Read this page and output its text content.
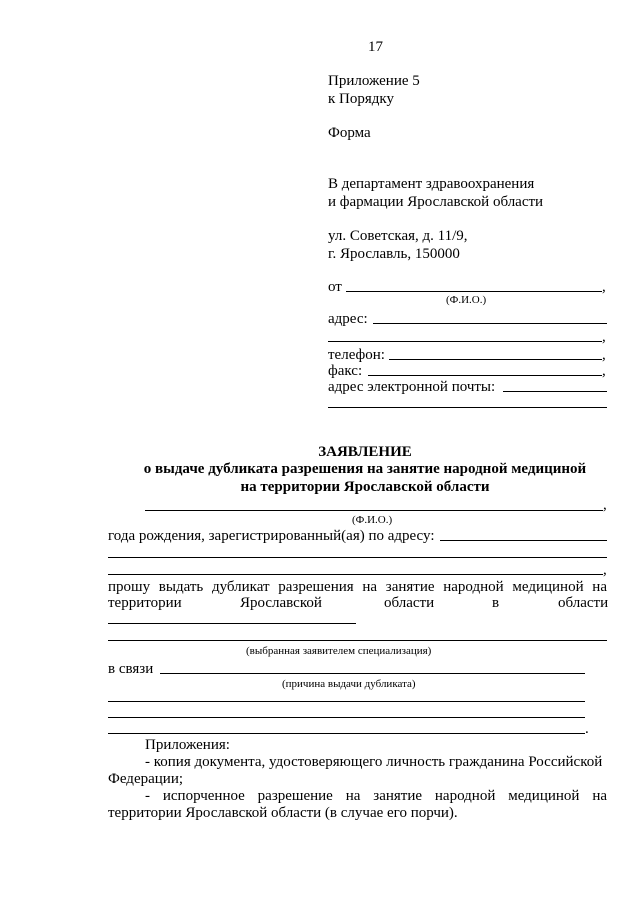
17
Приложение 5
к Порядку
Форма
В департамент здравоохранения
и фармации Ярославской области
ул. Советская, д. 11/9,
г. Ярославль, 150000
от	,
(Ф.И.О.)
адрес:
,
телефон:	,
факс:	,
адрес электронной почты:
ЗАЯВЛЕНИЕ
о выдаче дубликата разрешения на занятие народной медициной
на территории Ярославской области
,
(Ф.И.О.)
года рождения, зарегистрированный(ая) по адресу:
,
прошу выдать дубликат разрешения на занятие народной медициной на
территории	Ярославской	области	в	области
(выбранная заявителем специализация)
в связи
(причина выдачи дубликата)
.
Приложения:
- копия документа, удостоверяющего личность гражданина Российской
Федерации;
- испорченное разрешение на занятие народной медициной на
территории Ярославской области (в случае его порчи).
